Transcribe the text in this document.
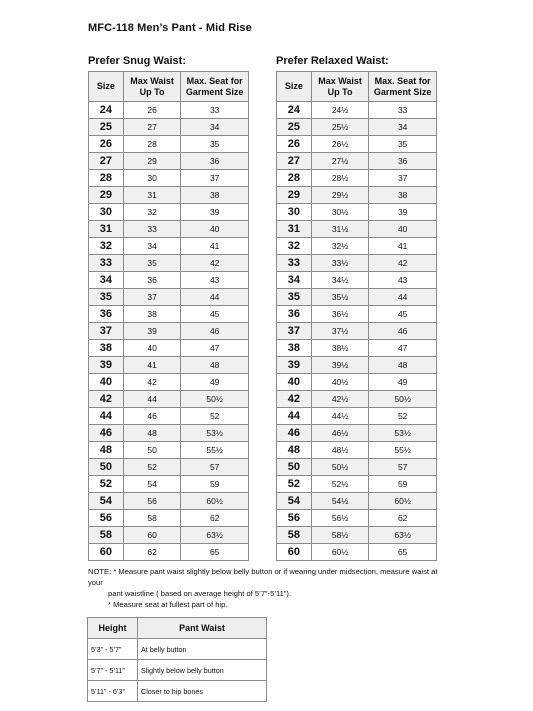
MFC-118 Men’s Pant - Mid Rise
Prefer Snug Waist:	Prefer Relaxed Waist:
Size	Max Waist Up To	Max. Seat for Garment Size
24	26	33
25	27	34
26	28	35
27	29	36
28	30	37
29	31	38
30	32	39
31	33	40
32	34	41
33	35	42
34	36	43
35	37	44
36	38	45
37	39	46
38	40	47
39	41	48
40	42	49
42	44	50½
44	46	52
46	48	53½
48	50	55½
50	52	57
52	54	59
54	56	60½
56	58	62
58	60	63½
60	62	65
Size	Max Waist Up To	Max. Seat for Garment Size
24	24½	33
25	25½	34
26	26½	35
27	27½	36
28	28½	37
29	29½	38
30	30½	39
31	31½	40
32	32½	41
33	33½	42
34	34½	43
35	35½	44
36	36½	45
37	37½	46
38	38½	47
39	39½	48
40	40½	49
42	42½	50½
44	44½	52
46	46½	53½
48	48½	55½
50	50½	57
52	52½	59
54	54½	60½
56	56½	62
58	58½	63½
60	60½	65
NOTE: * Measure pant waist slightly below belly button or if wearing under midsection, measure waist at your
pant waistline ( based on average height of 5’7”-5’11”).
* Measure seat at fullest part of hip.
Height	Pant Waist
5’3” - 5’7”	At belly button
5’7” - 5’11”	Slightly below belly button
5’11” - 6’3”	Closer to hip bones
